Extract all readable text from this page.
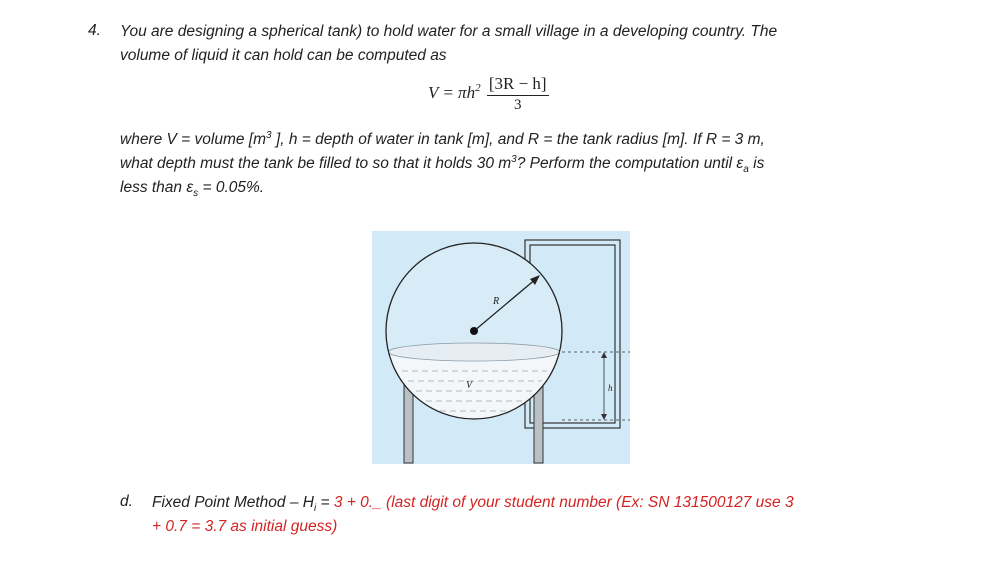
4. You are designing a spherical tank) to hold water for a small village in a developing country. The
volume of liquid it can hold can be computed as
$V = \pi h^2 \frac{[3R - h]}{3}$
where V = volume [$m^3$ ], h = depth of water in tank [m], and R = the tank radius [m]. If R = 3 m,
what depth must the tank be filled to so that it holds 30 $m^3$? Perform the computation until $\varepsilon_a$ is
less than $\varepsilon_s = 0.05\%$.
R
V	h
d. Fixed Point Method – $H_i = 3$ + 0._ (last digit of your student number (Ex: SN 131500127 use 3
+ 0.7 = 3.7 as initial guess)
